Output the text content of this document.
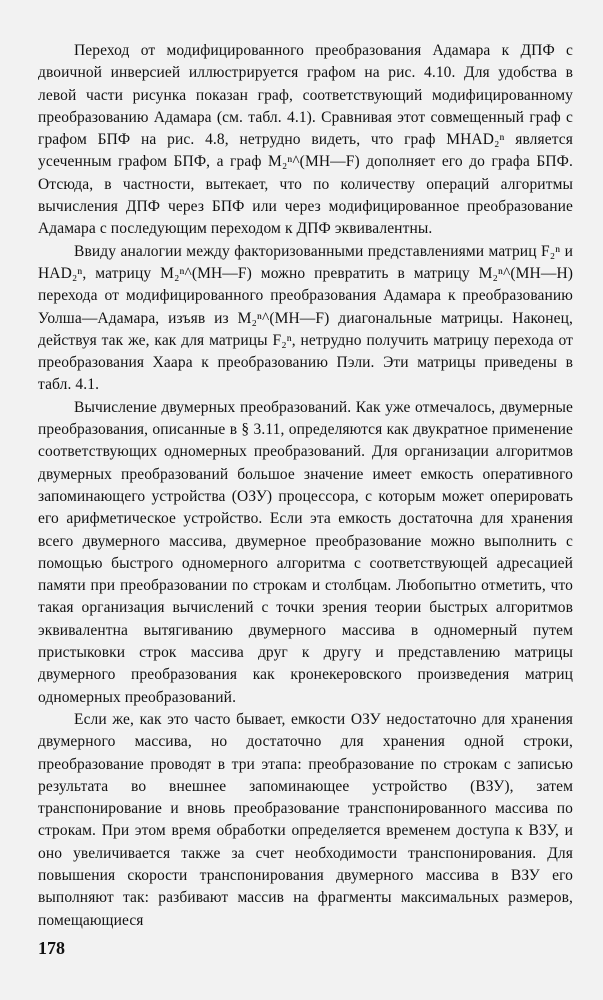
Переход от модифицированного преобразования Адамара к ДПФ с двоичной инверсией иллюстрируется графом на рис. 4.10. Для удобства в левой части рисунка показан граф, соответствующий модифицированному преобразованию Адамара (см. табл. 4.1). Сравнивая этот совмещенный граф с графом БПФ на рис. 4.8, нетрудно видеть, что граф MHAD₂ⁿ является усеченным графом БПФ, а граф M₂ⁿ^(MH—F) дополняет его до графа БПФ. Отсюда, в частности, вытекает, что по количеству операций алгоритмы вычисления ДПФ через БПФ или через модифицированное преобразование Адамара с последующим переходом к ДПФ эквивалентны.

Ввиду аналогии между факторизованными представлениями матриц F₂ⁿ и HAD₂ⁿ, матрицу M₂ⁿ^(MH—F) можно превратить в матрицу M₂ⁿ^(MH—H) перехода от модифицированного преобразования Адамара к преобразованию Уолша—Адамара, изъяв из M₂ⁿ^(MH—F) диагональные матрицы. Наконец, действуя так же, как для матрицы F₂ⁿ, нетрудно получить матрицу перехода от преобразования Хаара к преобразованию Пэли. Эти матрицы приведены в табл. 4.1.

Вычисление двумерных преобразований. Как уже отмечалось, двумерные преобразования, описанные в § 3.11, определяются как двукратное применение соответствующих одномерных преобразований. Для организации алгоритмов двумерных преобразований большое значение имеет емкость оперативного запоминающего устройства (ОЗУ) процессора, с которым может оперировать его арифметическое устройство. Если эта емкость достаточна для хранения всего двумерного массива, двумерное преобразование можно выполнить с помощью быстрого одномерного алгоритма с соответствующей адресацией памяти при преобразовании по строкам и столбцам. Любопытно отметить, что такая организация вычислений с точки зрения теории быстрых алгоритмов эквивалентна вытягиванию двумерного массива в одномерный путем пристыковки строк массива друг к другу и представлению матрицы двумерного преобразования как кронекеровского произведения матриц одномерных преобразований.

Если же, как это часто бывает, емкости ОЗУ недостаточно для хранения двумерного массива, но достаточно для хранения одной строки, преобразование проводят в три этапа: преобразование по строкам с записью результата во внешнее запоминающее устройство (ВЗУ), затем транспонирование и вновь преобразование транспонированного массива по строкам. При этом время обработки определяется временем доступа к ВЗУ, и оно увеличивается также за счет необходимости транспонирования. Для повышения скорости транспонирования двумерного массива в ВЗУ его выполняют так: разбивают массив на фрагменты максимальных размеров, помещающиеся

178
